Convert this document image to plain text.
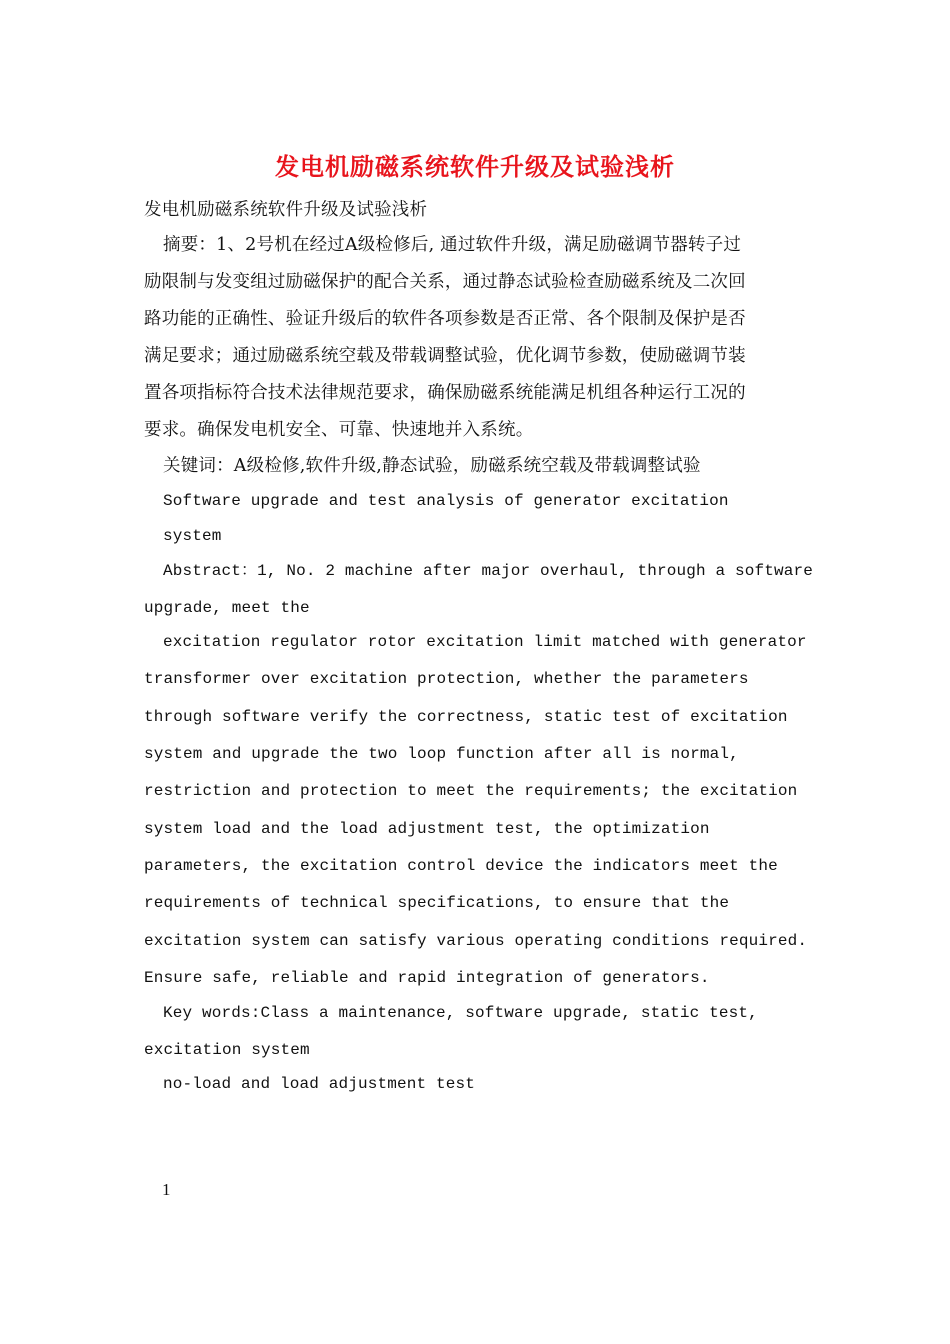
发电机励磁系统软件升级及试验浅析
发电机励磁系统软件升级及试验浅析
摘要：1、2号机在经过A级检修后, 通过软件升级，满足励磁调节器转子过
励限制与发变组过励磁保护的配合关系，通过静态试验检查励磁系统及二次回
路功能的正确性、验证升级后的软件各项参数是否正常、各个限制及保护是否
满足要求；通过励磁系统空载及带载调整试验，优化调节参数，使励磁调节装
置各项指标符合技术法律规范要求，确保励磁系统能满足机组各种运行工况的
要求。确保发电机安全、可靠、快速地并入系统。
关键词：A级检修,软件升级,静态试验，励磁系统空载及带载调整试验
Software upgrade and test analysis of generator excitation
system
Abstract：1, No. 2 machine after major overhaul, through a software
upgrade, meet the
excitation regulator rotor excitation limit matched with generator
transformer over excitation protection, whether the parameters
through software verify the correctness, static test of excitation
system and upgrade the two loop function after all is normal,
restriction and protection to meet the requirements; the excitation
system load and the load adjustment test, the optimization
parameters, the excitation control device the indicators meet the
requirements of technical specifications, to ensure that the
excitation system can satisfy various operating conditions required.
Ensure safe, reliable and rapid integration of generators.
Key words:Class a maintenance, software upgrade, static test,
excitation system
no-load and load adjustment test
1
